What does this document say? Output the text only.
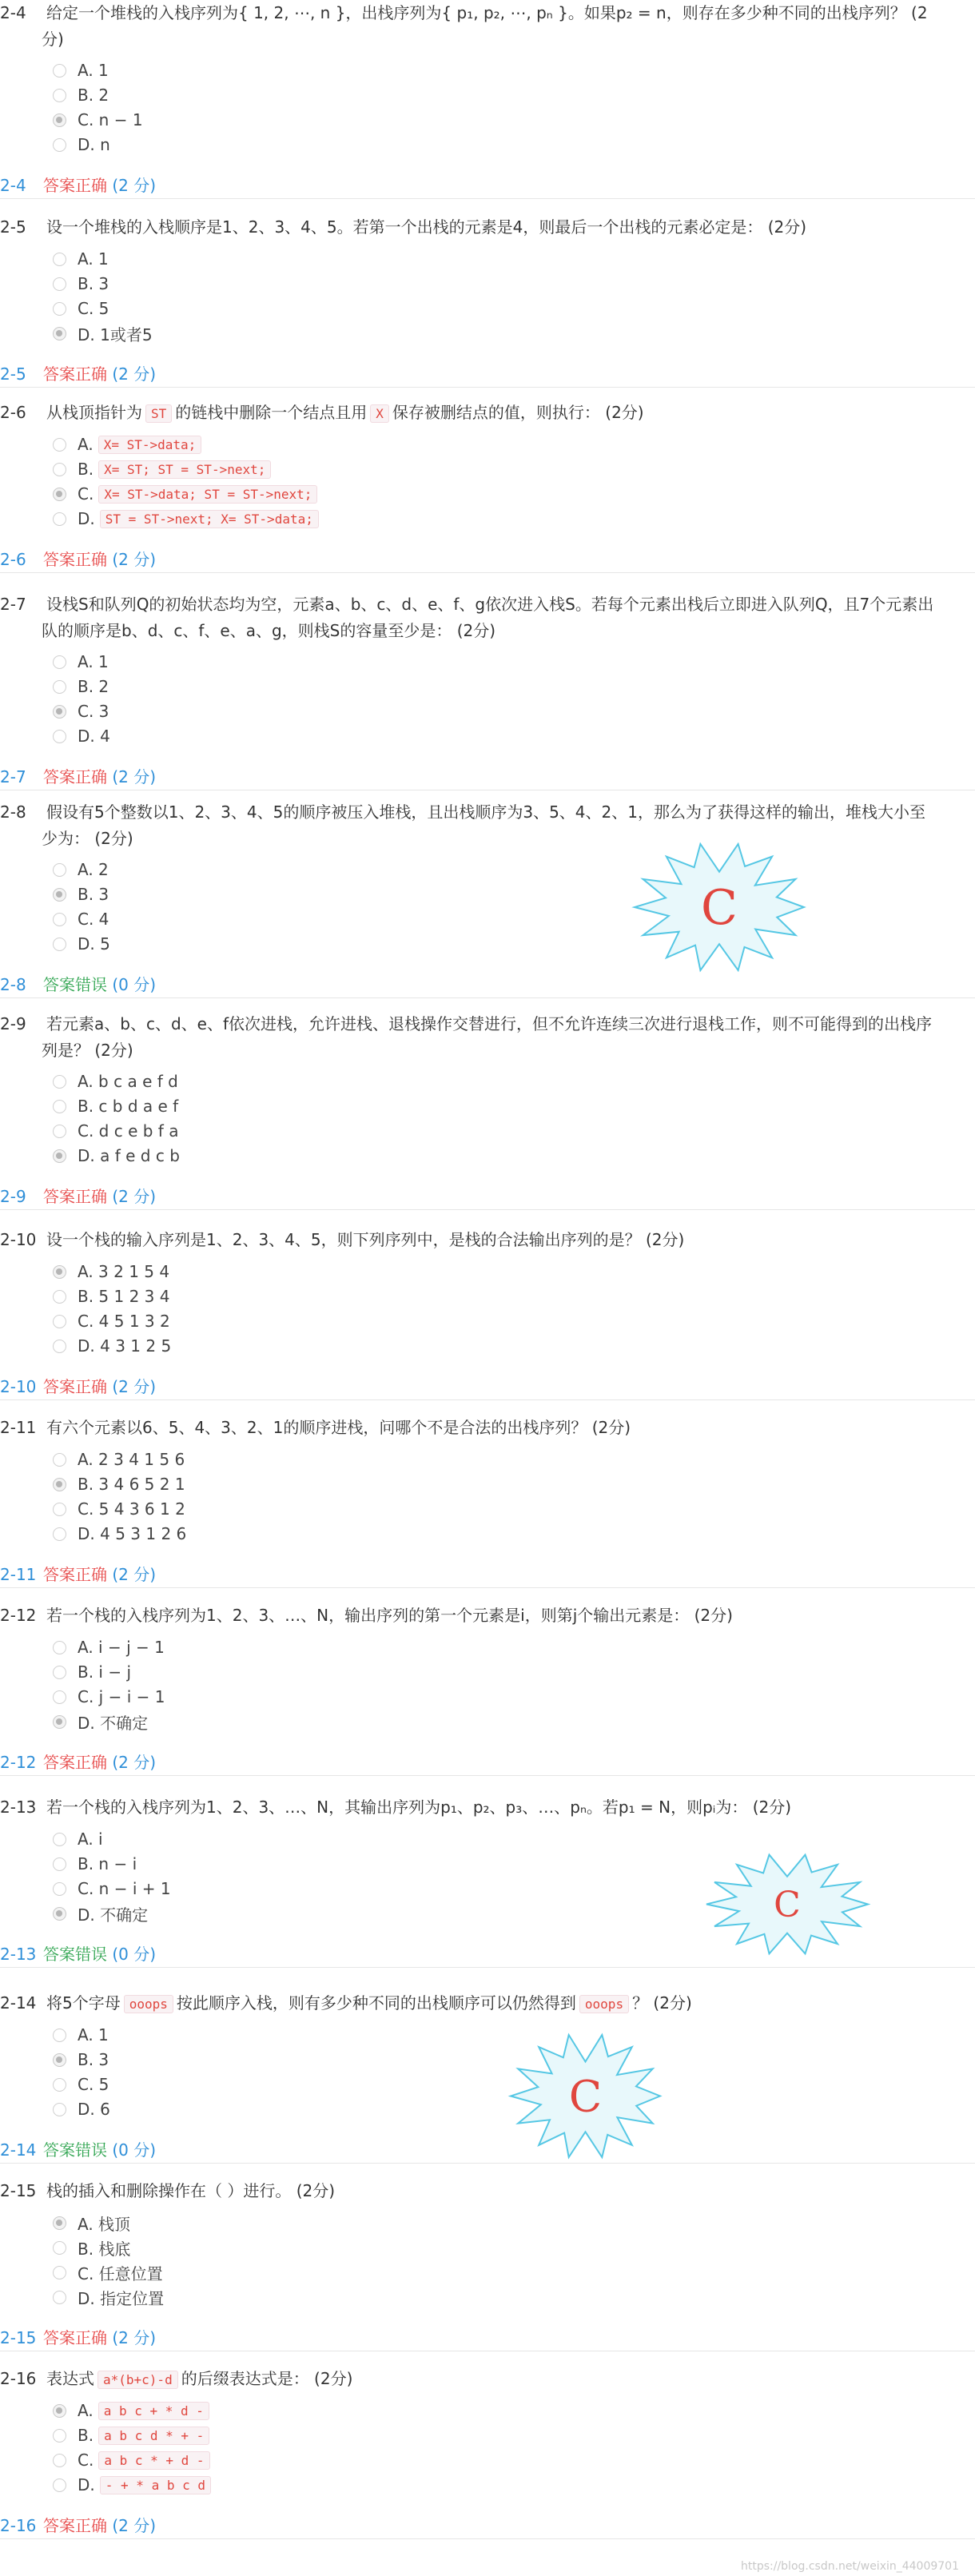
2-4 给定一个堆栈的入栈序列为{ 1, 2, ⋯, n }，出栈序列为{ p₁, p₂, ⋯, pₙ }。如果p₂ = n，则存在多少种不同的出栈序列？ (2
分)
A. 1
B. 2
C. n − 1
D. n
2-4 答案正确 (2 分)
2-5 设一个堆栈的入栈顺序是1、2、3、4、5。若第一个出栈的元素是4，则最后一个出栈的元素必定是： (2分)
A. 1
B. 3
C. 5
D. 1或者5
2-5 答案正确 (2 分)
2-6 从栈顶指针为 ST 的链栈中删除一个结点且用 X 保存被删结点的值，则执行： (2分)
A. X= ST->data;
B. X= ST; ST = ST->next;
C. X= ST->data; ST = ST->next;
D. ST = ST->next; X= ST->data;
2-6 答案正确 (2 分)
2-7 设栈S和队列Q的初始状态均为空，元素a、b、c、d、e、f、g依次进入栈S。若每个元素出栈后立即进入队列Q，且7个元素出
队的顺序是b、d、c、f、e、a、g，则栈S的容量至少是： (2分)
A. 1
B. 2
C. 3
D. 4
2-7 答案正确 (2 分)
2-8 假设有5个整数以1、2、3、4、5的顺序被压入堆栈，且出栈顺序为3、5、4、2、1，那么为了获得这样的输出，堆栈大小至
少为： (2分)
A. 2
B. 3
C. 4
D. 5
2-8 答案错误 (0 分)
2-9 若元素a、b、c、d、e、f依次进栈，允许进栈、退栈操作交替进行，但不允许连续三次进行退栈工作，则不可能得到的出栈序
列是？ (2分)
A. b c a e f d
B. c b d a e f
C. d c e b f a
D. a f e d c b
2-9 答案正确 (2 分)
2-10 设一个栈的输入序列是1、2、3、4、5，则下列序列中，是栈的合法输出序列的是？ (2分)
A. 3 2 1 5 4
B. 5 1 2 3 4
C. 4 5 1 3 2
D. 4 3 1 2 5
2-10 答案正确 (2 分)
2-11 有六个元素以6、5、4、3、2、1的顺序进栈，问哪个不是合法的出栈序列？ (2分)
A. 2 3 4 1 5 6
B. 3 4 6 5 2 1
C. 5 4 3 6 1 2
D. 4 5 3 1 2 6
2-11 答案正确 (2 分)
2-12 若一个栈的入栈序列为1、2、3、…、N，输出序列的第一个元素是i，则第j个输出元素是： (2分)
A. i − j − 1
B. i − j
C. j − i − 1
D. 不确定
2-12 答案正确 (2 分)
2-13 若一个栈的入栈序列为1、2、3、…、N，其输出序列为p₁、p₂、p₃、…、pₙ。若p₁ = N，则pᵢ为： (2分)
A. i
B. n − i
C. n − i + 1
D. 不确定
2-13 答案错误 (0 分)
2-14 将5个字母 ooops 按此顺序入栈，则有多少种不同的出栈顺序可以仍然得到 ooops ？ (2分)
A. 1
B. 3
C. 5
D. 6
2-14 答案错误 (0 分)
2-15 栈的插入和删除操作在（ ）进行。 (2分)
A. 栈顶
B. 栈底
C. 任意位置
D. 指定位置
2-15 答案正确 (2 分)
2-16 表达式 a*(b+c)-d 的后缀表达式是： (2分)
A. a b c + * d -
B. a b c d * + -
C. a b c * + d -
D. - + * a b c d
2-16 答案正确 (2 分)
C
C
C
https://blog.csdn.net/weixin_44009701
